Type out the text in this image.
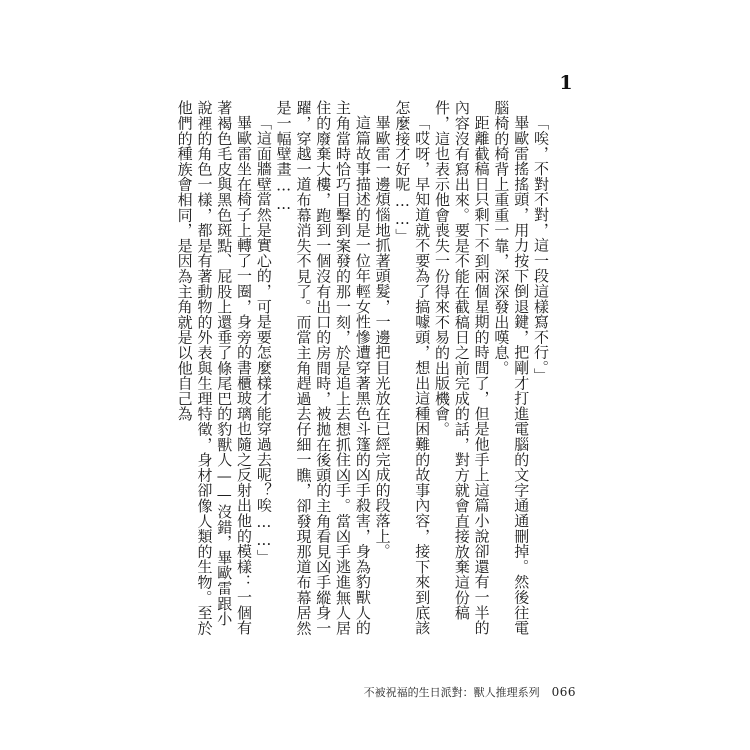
1

「唉，不對不對，這一段這樣寫不行。」

畢歐雷搖搖頭，用力按下倒退鍵，把剛才打進電腦的文字通通刪掉。然後往電腦椅的椅背上重重一靠，深深發出嘆息。

距離截稿日只剩下不到兩個星期的時間了，但是他手上這篇小說卻還有一半的內容沒有寫出來。要是不能在截稿日之前完成的話，對方就會直接放棄這份稿件，這也表示他會喪失一份得來不易的出版機會。

「哎呀，早知道就不要為了搞噱頭，想出這種困難的故事內容，接下來到底該怎麼接才好呢……」

畢歐雷一邊煩惱地抓著頭髮，一邊把目光放在已經完成的段落上。

這篇故事描述的是一位年輕女性慘遭穿著黑色斗篷的凶手殺害，身為豹獸人的主角當時恰巧目擊到案發的那一刻，於是追上去想抓住凶手。當凶手逃進無人居住的廢棄大樓，跑到一個沒有出口的房間時，被拋在後頭的主角看見凶手縱身一躍，穿越一道布幕消失不見了。而當主角趕過去仔細一瞧，卻發現那道布幕居然是一幅壁畫……

「這面牆壁當然是實心的，可是要怎麼樣才能穿過去呢？唉……」

畢歐雷坐在椅子上轉了一圈，身旁的書櫃玻璃也隨之反射出他的模樣：一個有著褐色毛皮與黑色斑點、屁股上還垂了條尾巴的豹獸人——沒錯，畢歐雷跟小說裡的角色一樣，都是有著動物的外表與生理特徵，身材卻像人類的生物。至於他們的種族會相同，是因為主角就是以他自己為

不被祝福的生日派對：獸人推理系列 066
